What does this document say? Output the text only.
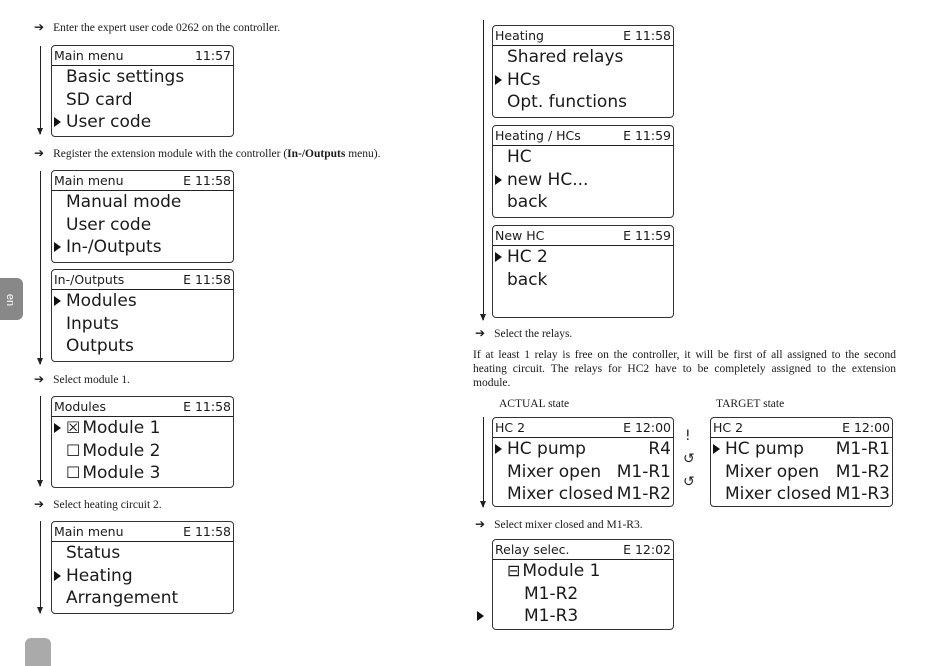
en
➔ Enter the expert user code 0262 on the controller.
Main menu	11:57
Basic settings
SD card
User code
➔ Register the extension module with the controller (In-/Outputs menu).
Main menu	E 11:58
Manual mode
User code
In-/Outputs
In-/Outputs	E 11:58
Modules
Inputs
Outputs
➔ Select module 1.
Modules	E 11:58
☒ Module 1
☐ Module 2
☐ Module 3
➔ Select heating circuit 2.
Main menu	E 11:58
Status
Heating
Arrangement
Heating	E 11:58
Shared relays
HCs
Opt. functions
Heating / HCs	E 11:59
HC
new HC...
back
New HC	E 11:59
HC 2
back
➔ Select the relays.
If at least 1 relay is free on the controller, it will be first of all assigned to the second heating circuit. The relays for HC2 have to be completely assigned to the extension module.
ACTUAL state	TARGET state
HC 2	E 12:00
HC pump	R4
Mixer open M1-R1
Mixer closed M1-R2
!
↺
↺
HC 2	E 12:00
HC pump M1-R1
Mixer open M1-R2
Mixer closed M1-R3
➔ Select mixer closed and M1-R3.
Relay selec.	E 12:02
⊟ Module 1
M1-R2
M1-R3
